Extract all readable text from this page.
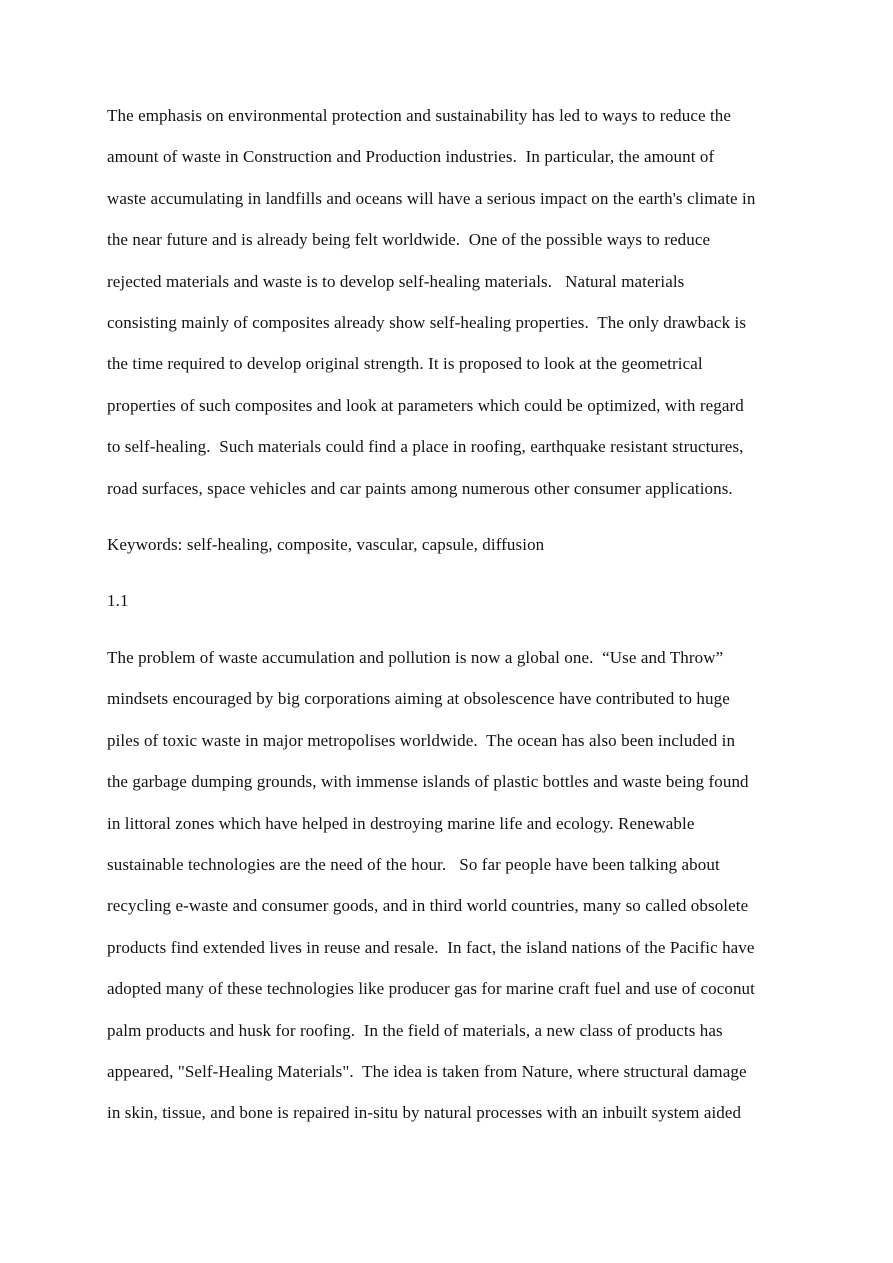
The emphasis on environmental protection and sustainability has led to ways to reduce the
amount of waste in Construction and Production industries.  In particular, the amount of
waste accumulating in landfills and oceans will have a serious impact on the earth's climate in
the near future and is already being felt worldwide.  One of the possible ways to reduce
rejected materials and waste is to develop self-healing materials.   Natural materials
consisting mainly of composites already show self-healing properties.  The only drawback is
the time required to develop original strength. It is proposed to look at the geometrical
properties of such composites and look at parameters which could be optimized, with regard
to self-healing.  Such materials could find a place in roofing, earthquake resistant structures,
road surfaces, space vehicles and car paints among numerous other consumer applications.
Keywords: self-healing, composite, vascular, capsule, diffusion
1.1
The problem of waste accumulation and pollution is now a global one.  “Use and Throw”
mindsets encouraged by big corporations aiming at obsolescence have contributed to huge
piles of toxic waste in major metropolises worldwide.  The ocean has also been included in
the garbage dumping grounds, with immense islands of plastic bottles and waste being found
in littoral zones which have helped in destroying marine life and ecology. Renewable
sustainable technologies are the need of the hour.   So far people have been talking about
recycling e-waste and consumer goods, and in third world countries, many so called obsolete
products find extended lives in reuse and resale.  In fact, the island nations of the Pacific have
adopted many of these technologies like producer gas for marine craft fuel and use of coconut
palm products and husk for roofing.  In the field of materials, a new class of products has
appeared, "Self-Healing Materials".  The idea is taken from Nature, where structural damage
in skin, tissue, and bone is repaired in-situ by natural processes with an inbuilt system aided
